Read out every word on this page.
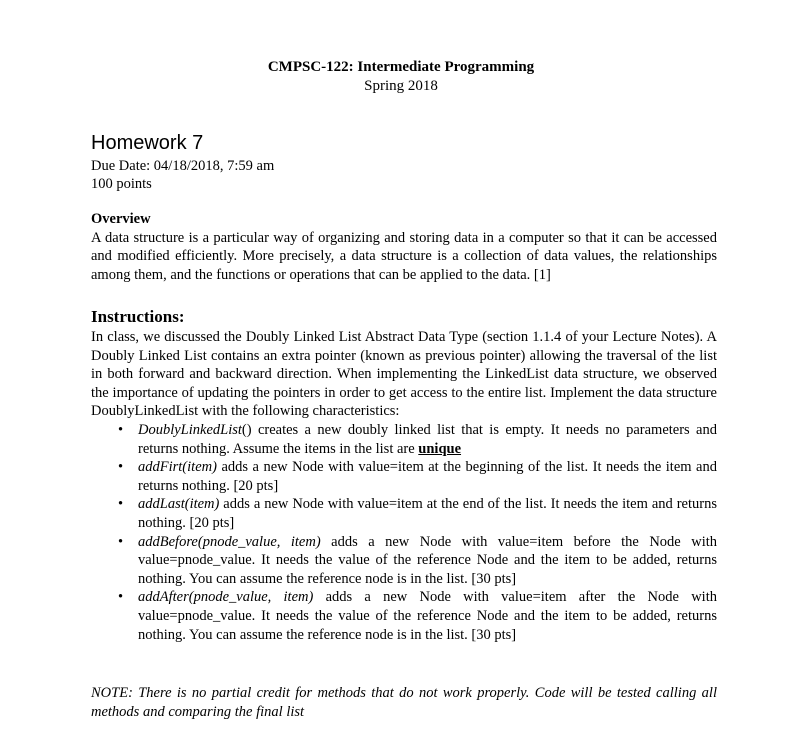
CMPSC-122: Intermediate Programming
Spring 2018
Homework 7
Due Date: 04/18/2018, 7:59 am
100 points
Overview
A data structure is a particular way of organizing and storing data in a computer so that it can be accessed and modified efficiently. More precisely, a data structure is a collection of data values, the relationships among them, and the functions or operations that can be applied to the data. [1]
Instructions:
In class, we discussed the Doubly Linked List Abstract Data Type (section 1.1.4 of your Lecture Notes). A Doubly Linked List contains an extra pointer (known as previous pointer) allowing the traversal of the list in both forward and backward direction. When implementing the LinkedList data structure, we observed the importance of updating the pointers in order to get access to the entire list. Implement the data structure DoublyLinkedList with the following characteristics:
• DoublyLinkedList() creates a new doubly linked list that is empty. It needs no parameters and returns nothing. Assume the items in the list are unique
• addFirt(item) adds a new Node with value=item at the beginning of the list. It needs the item and returns nothing. [20 pts]
• addLast(item) adds a new Node with value=item at the end of the list. It needs the item and returns nothing. [20 pts]
• addBefore(pnode_value, item) adds a new Node with value=item before the Node with value=pnode_value. It needs the value of the reference Node and the item to be added, returns nothing. You can assume the reference node is in the list. [30 pts]
• addAfter(pnode_value, item) adds a new Node with value=item after the Node with value=pnode_value. It needs the value of the reference Node and the item to be added, returns nothing. You can assume the reference node is in the list. [30 pts]
NOTE: There is no partial credit for methods that do not work properly. Code will be tested calling all methods and comparing the final list
